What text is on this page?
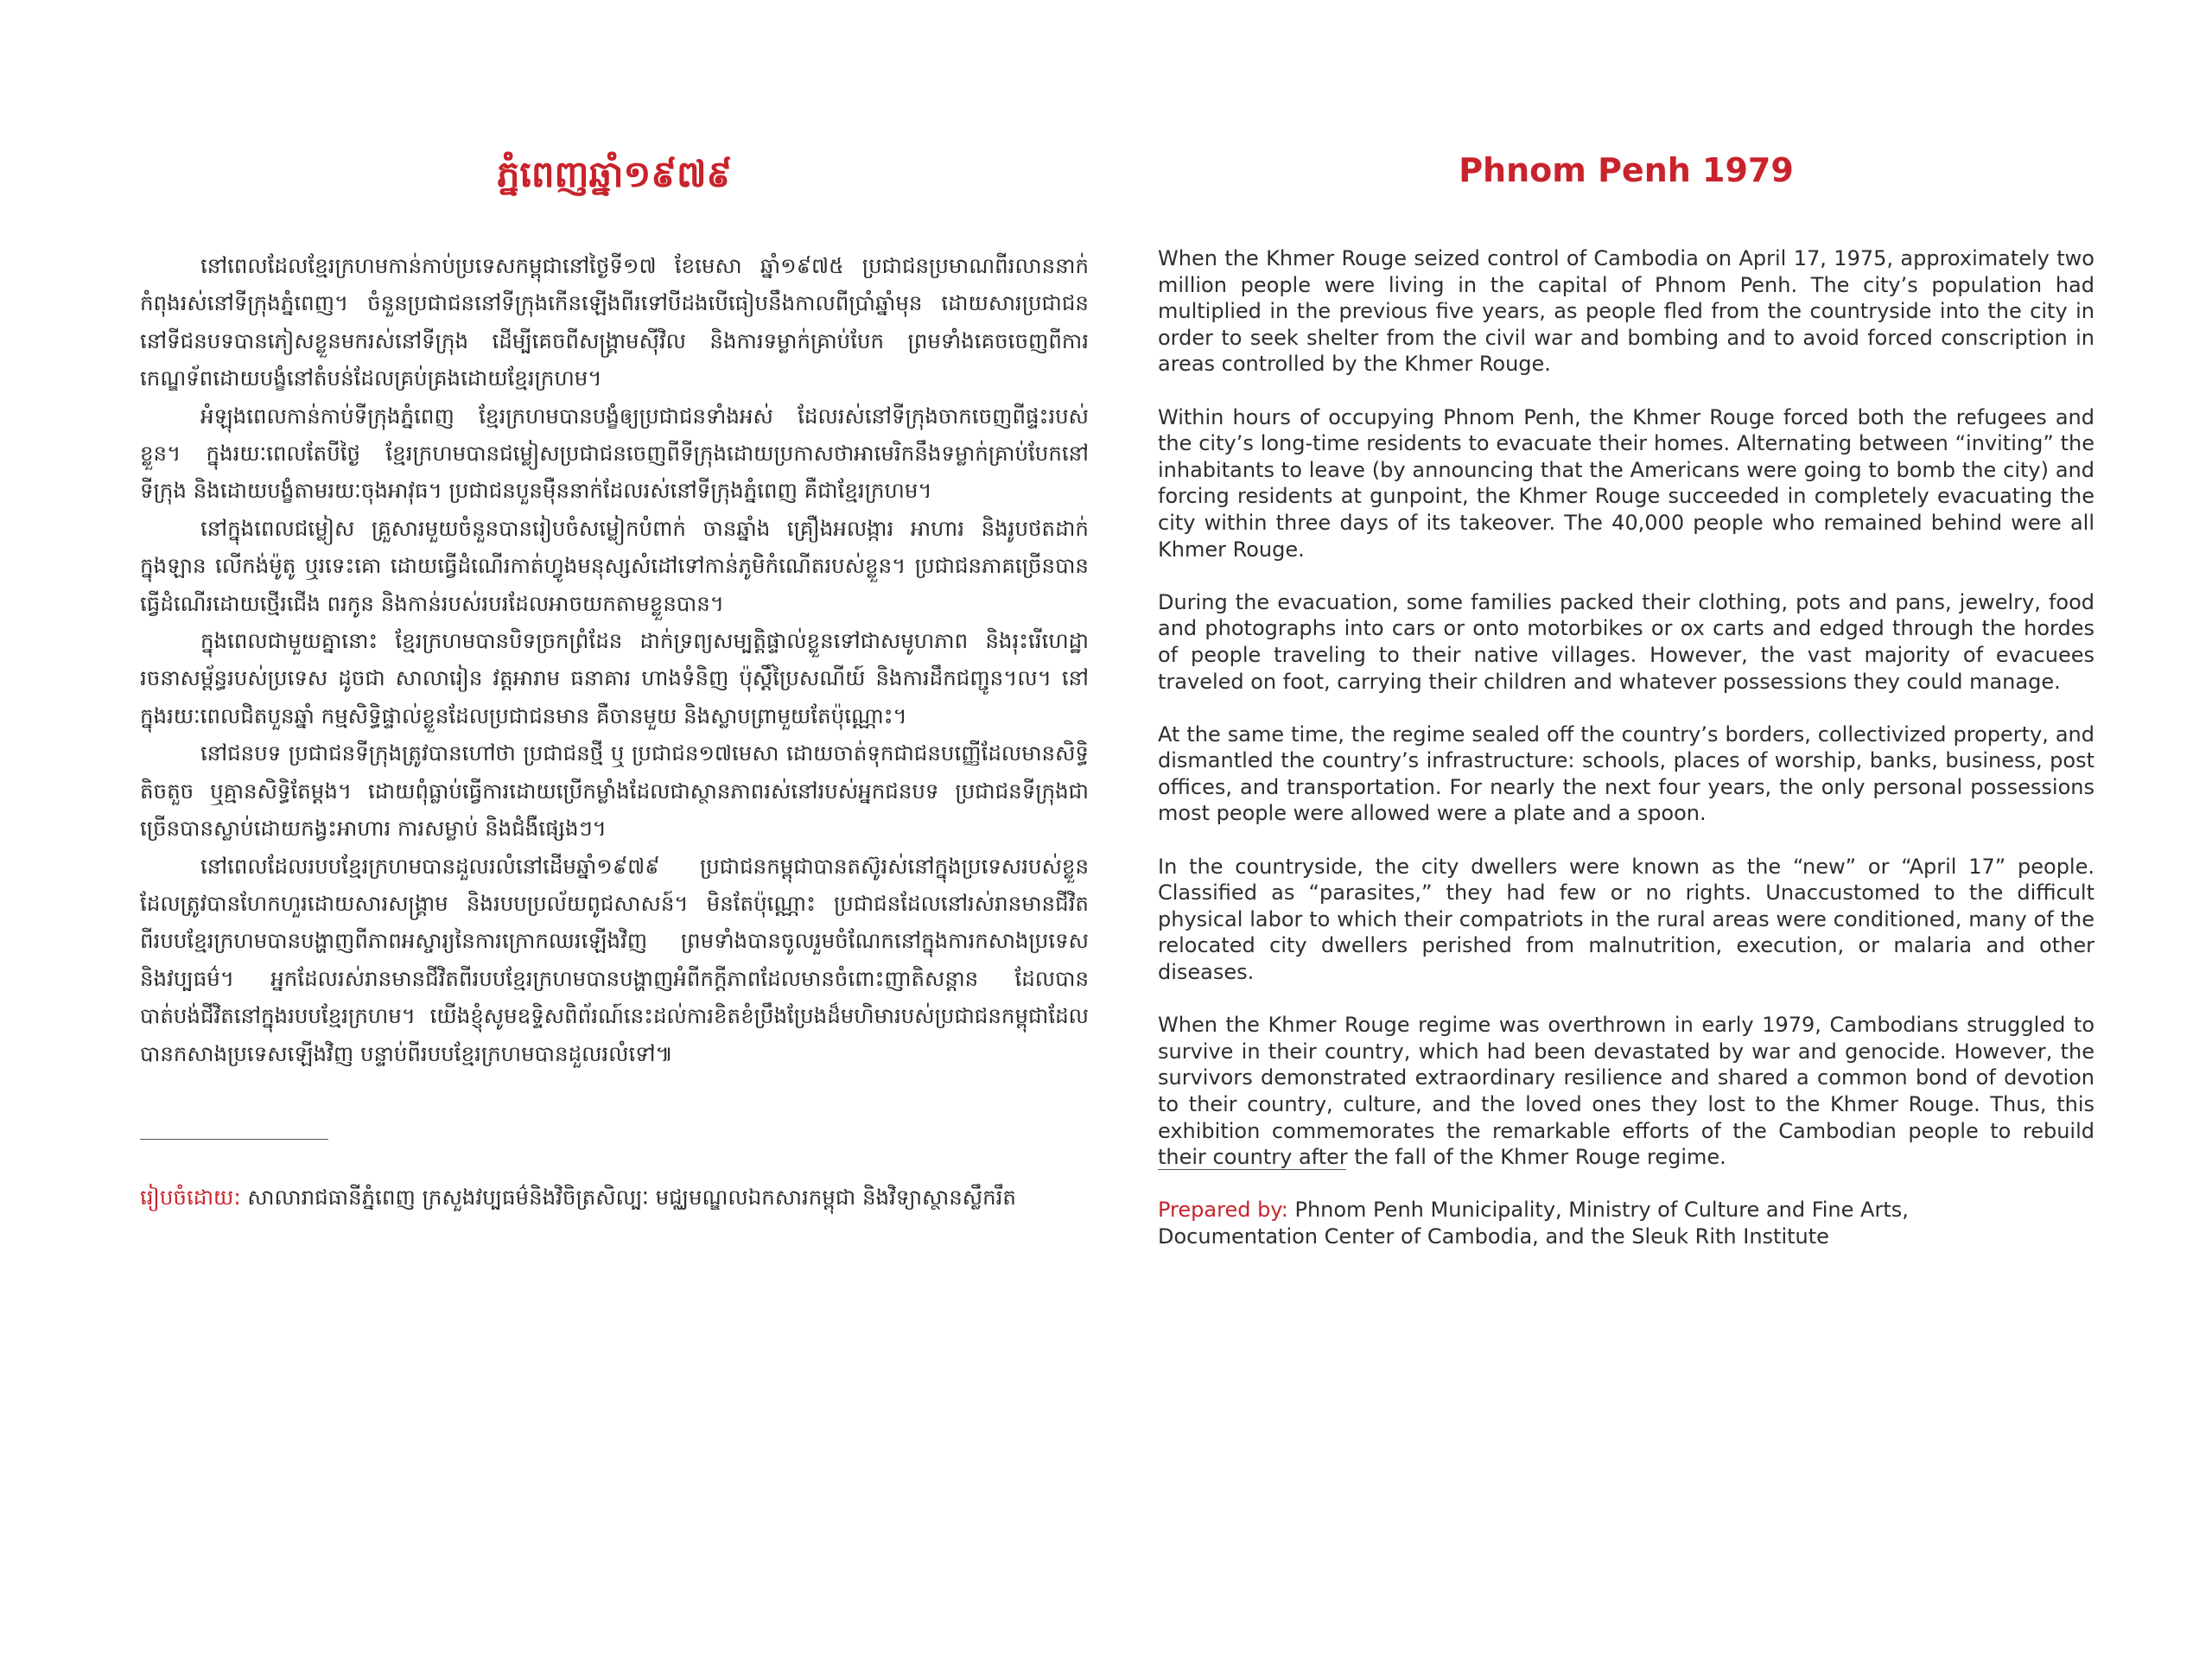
ភ្នំពេញឆ្នាំ១៩៧៩

នៅពេលដែលខ្មែរក្រហមកាន់កាប់ប្រទេសកម្ពុជានៅថ្ងៃទី១៧ ខែមេសា ឆ្នាំ១៩៧៥ ប្រជាជនប្រមាណពីរលាននាក់កំពុងរស់នៅទីក្រុងភ្នំពេញ។ ចំនួនប្រជាជននៅទីក្រុងកើនឡើងពីរទៅបីដងបើធៀបនឹងកាលពីប្រាំឆ្នាំមុន ដោយសារប្រជាជននៅទីជនបទបានភៀសខ្លួនមករស់នៅទីក្រុង ដើម្បីគេចពីសង្គ្រាមស៊ីវិល និងការទម្លាក់គ្រាប់បែក ព្រមទាំងគេចចេញពីការកេណ្ឌទ័ពដោយបង្ខំនៅតំបន់ដែលគ្រប់គ្រងដោយខ្មែរក្រហម។

អំឡុងពេលកាន់កាប់ទីក្រុងភ្នំពេញ ខ្មែរក្រហមបានបង្ខំឲ្យប្រជាជនទាំងអស់ ដែលរស់នៅទីក្រុងចាកចេញពីផ្ទះរបស់ខ្លួន។ ក្នុងរយៈពេលតែបីថ្ងៃ ខ្មែរក្រហមបានជម្លៀសប្រជាជនចេញពីទីក្រុងដោយប្រកាសថាអាមេរិកនឹងទម្លាក់គ្រាប់បែកនៅទីក្រុង និងដោយបង្ខំតាមរយៈចុងអាវុធ។ ប្រជាជនបួនម៉ឺននាក់ដែលរស់នៅទីក្រុងភ្នំពេញ គឺជាខ្មែរក្រហម។

នៅក្នុងពេលជម្លៀស គ្រួសារមួយចំនួនបានរៀបចំសម្លៀកបំពាក់ ចានឆ្នាំង គ្រឿងអលង្ការ អាហារ និងរូបថតដាក់ក្នុងឡាន លើកង់ម៉ូតូ ឬរទេះគោ ដោយធ្វើដំណើរកាត់ហ្វូងមនុស្សសំដៅទៅកាន់ភូមិកំណើតរបស់ខ្លួន។ ប្រជាជនភាគច្រើនបានធ្វើដំណើរដោយថ្មើរជើង ពរកូន និងកាន់របស់របរដែលអាចយកតាមខ្លួនបាន។

ក្នុងពេលជាមួយគ្នានោះ ខ្មែរក្រហមបានបិទច្រកព្រំដែន ដាក់ទ្រព្យសម្បត្តិផ្ទាល់ខ្លួនទៅជាសមូហភាព និងរុះរើហេដ្ឋារចនាសម្ព័ន្ធរបស់ប្រទេស ដូចជា សាលារៀន វត្តអារាម ធនាគារ ហាងទំនិញ ប៉ុស្តិ៍ប្រៃសណីយ៍ និងការដឹកជញ្ជូន។ល។ នៅក្នុងរយៈពេលជិតបួនឆ្នាំ កម្មសិទ្ធិផ្ទាល់ខ្លួនដែលប្រជាជនមាន គឺចានមួយ និងស្លាបព្រាមួយតែប៉ុណ្ណោះ។

នៅជនបទ ប្រជាជនទីក្រុងត្រូវបានហៅថា ប្រជាជនថ្មី ឬ ប្រជាជន១៧មេសា ដោយចាត់ទុកជាជនបញ្ញើដែលមានសិទ្ធិតិចតួច ឬគ្មានសិទ្ធិតែម្តង។ ដោយពុំធ្លាប់ធ្វើការដោយប្រើកម្លាំងដែលជាស្ថានភាពរស់នៅរបស់អ្នកជនបទ ប្រជាជនទីក្រុងជាច្រើនបានស្លាប់ដោយកង្វះអាហារ ការសម្លាប់ និងជំងឺផ្សេងៗ។

នៅពេលដែលរបបខ្មែរក្រហមបានដួលរលំនៅដើមឆ្នាំ១៩៧៩ ប្រជាជនកម្ពុជាបានតស៊ូរស់នៅក្នុងប្រទេសរបស់ខ្លួនដែលត្រូវបានហែកហួរដោយសារសង្គ្រាម និងរបបប្រល័យពូជសាសន៍។ មិនតែប៉ុណ្ណោះ ប្រជាជនដែលនៅរស់រានមានជីវិតពីរបបខ្មែរក្រហមបានបង្ហាញពីភាពអស្ចារ្យនៃការក្រោកឈរឡើងវិញ ព្រមទាំងបានចូលរួមចំណែកនៅក្នុងការកសាងប្រទេស និងវប្បធម៌។ អ្នកដែលរស់រានមានជីវិតពីរបបខ្មែរក្រហមបានបង្ហាញអំពីកក្តីភាពដែលមានចំពោះញាតិសន្តាន ដែលបានបាត់បង់ជីវិតនៅក្នុងរបបខ្មែរក្រហម។ យើងខ្ញុំសូមឧទ្ទិសពិព័រណ៍នេះដល់ការខិតខំប្រឹងប្រែងដ៏មហិមារបស់ប្រជាជនកម្ពុជាដែលបានកសាងប្រទេសឡើងវិញ បន្ទាប់ពីរបបខ្មែរក្រហមបានដួលរលំទៅ៕

រៀបចំដោយ: សាលារាជធានីភ្នំពេញ ក្រសួងវប្បធម៌និងវិចិត្រសិល្បៈ មជ្ឈមណ្ឌលឯកសារកម្ពុជា និងវិទ្យាស្ថានស្លឹករឹត
Phnom Penh 1979

When the Khmer Rouge seized control of Cambodia on April 17, 1975, approximately two million people were living in the capital of Phnom Penh. The city’s population had multiplied in the previous five years, as people fled from the countryside into the city in order to seek shelter from the civil war and bombing and to avoid forced conscription in areas controlled by the Khmer Rouge.

Within hours of occupying Phnom Penh, the Khmer Rouge forced both the refugees and the city’s long-time residents to evacuate their homes. Alternating between “inviting” the inhabitants to leave (by announcing that the Americans were going to bomb the city) and forcing residents at gunpoint, the Khmer Rouge succeeded in completely evacuating the city within three days of its takeover. The 40,000 people who remained behind were all Khmer Rouge.

During the evacuation, some families packed their clothing, pots and pans, jewelry, food and photographs into cars or onto motorbikes or ox carts and edged through the hordes of people traveling to their native villages. However, the vast majority of evacuees traveled on foot, carrying their children and whatever possessions they could manage.

At the same time, the regime sealed off the country’s borders, collectivized property, and dismantled the country’s infrastructure: schools, places of worship, banks, business, post offices, and transportation. For nearly the next four years, the only personal possessions most people were allowed were a plate and a spoon.

In the countryside, the city dwellers were known as the “new” or “April 17” people. Classified as “parasites,” they had few or no rights. Unaccustomed to the difficult physical labor to which their compatriots in the rural areas were conditioned, many of the relocated city dwellers perished from malnutrition, execution, or malaria and other diseases.

When the Khmer Rouge regime was overthrown in early 1979, Cambodians struggled to survive in their country, which had been devastated by war and genocide. However, the survivors demonstrated extraordinary resilience and shared a common bond of devotion to their country, culture, and the loved ones they lost to the Khmer Rouge. Thus, this exhibition commemorates the remarkable efforts of the Cambodian people to rebuild their country after the fall of the Khmer Rouge regime.

Prepared by: Phnom Penh Municipality, Ministry of Culture and Fine Arts,
Documentation Center of Cambodia, and the Sleuk Rith Institute
